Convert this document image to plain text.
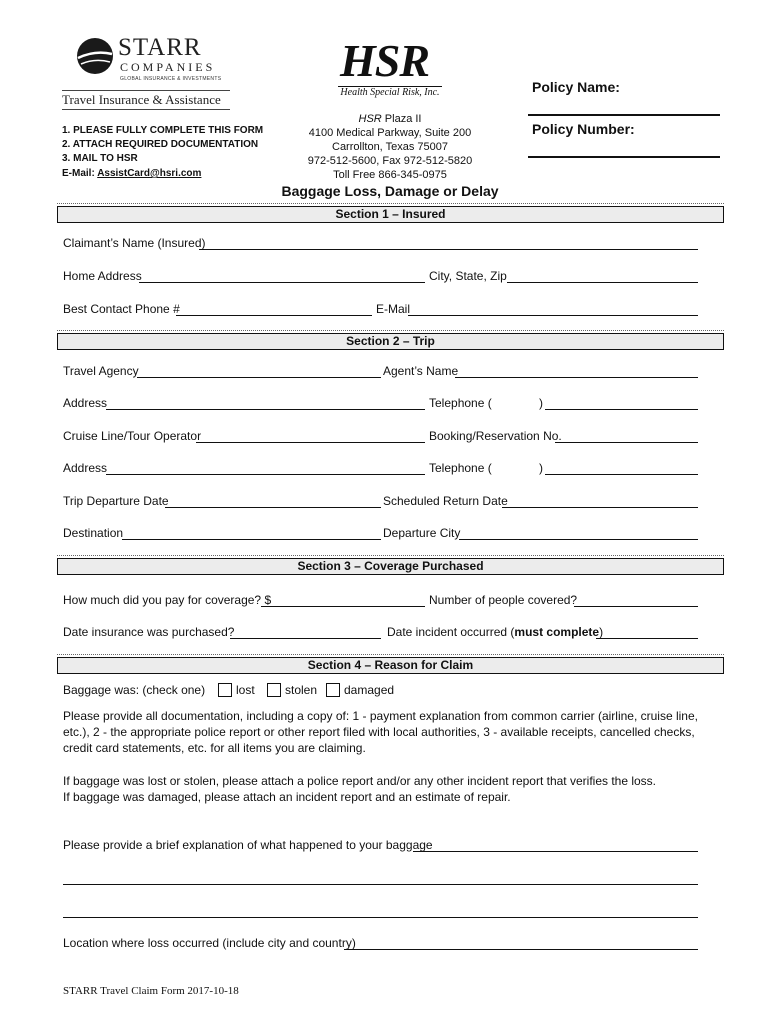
STARR
COMPANIES
GLOBAL INSURANCE & INVESTMENTS
Travel Insurance & Assistance
HSR
Health Special Risk, Inc.
1. PLEASE FULLY COMPLETE THIS FORM
2. ATTACH REQUIRED DOCUMENTATION
3. MAIL TO HSR
E-Mail: AssistCard@hsri.com
HSR Plaza II
4100 Medical Parkway, Suite 200
Carrollton, Texas 75007
972-512-5600, Fax 972-512-5820
Toll Free 866-345-0975
Policy Name:
Policy Number:
Baggage Loss, Damage or Delay
Section 1 – Insured
Claimant’s Name (Insured)
Home Address	City, State, Zip
Best Contact Phone #	E-Mail
Section 2 – Trip
Travel Agency	Agent’s Name
Address	Telephone (	)
Cruise Line/Tour Operator	Booking/Reservation No.
Address	Telephone (	)
Trip Departure Date	Scheduled Return Date
Destination	Departure City
Section 3 – Coverage Purchased
How much did you pay for coverage? $	Number of people covered?
Date insurance was purchased?	Date incident occurred (must complete)
Section 4 – Reason for Claim
Baggage was: (check one)	lost	stolen damaged
Please provide all documentation, including a copy of: 1 - payment explanation from common carrier (airline, cruise line, etc.), 2 - the appropriate police report or other report filed with local authorities, 3 - available receipts, cancelled checks, credit card statements, etc. for all items you are claiming.
If baggage was lost or stolen, please attach a police report and/or any other incident report that verifies the loss.
If baggage was damaged, please attach an incident report and an estimate of repair.
Please provide a brief explanation of what happened to your baggage
Location where loss occurred (include city and country)
STARR Travel Claim Form 2017-10-18
